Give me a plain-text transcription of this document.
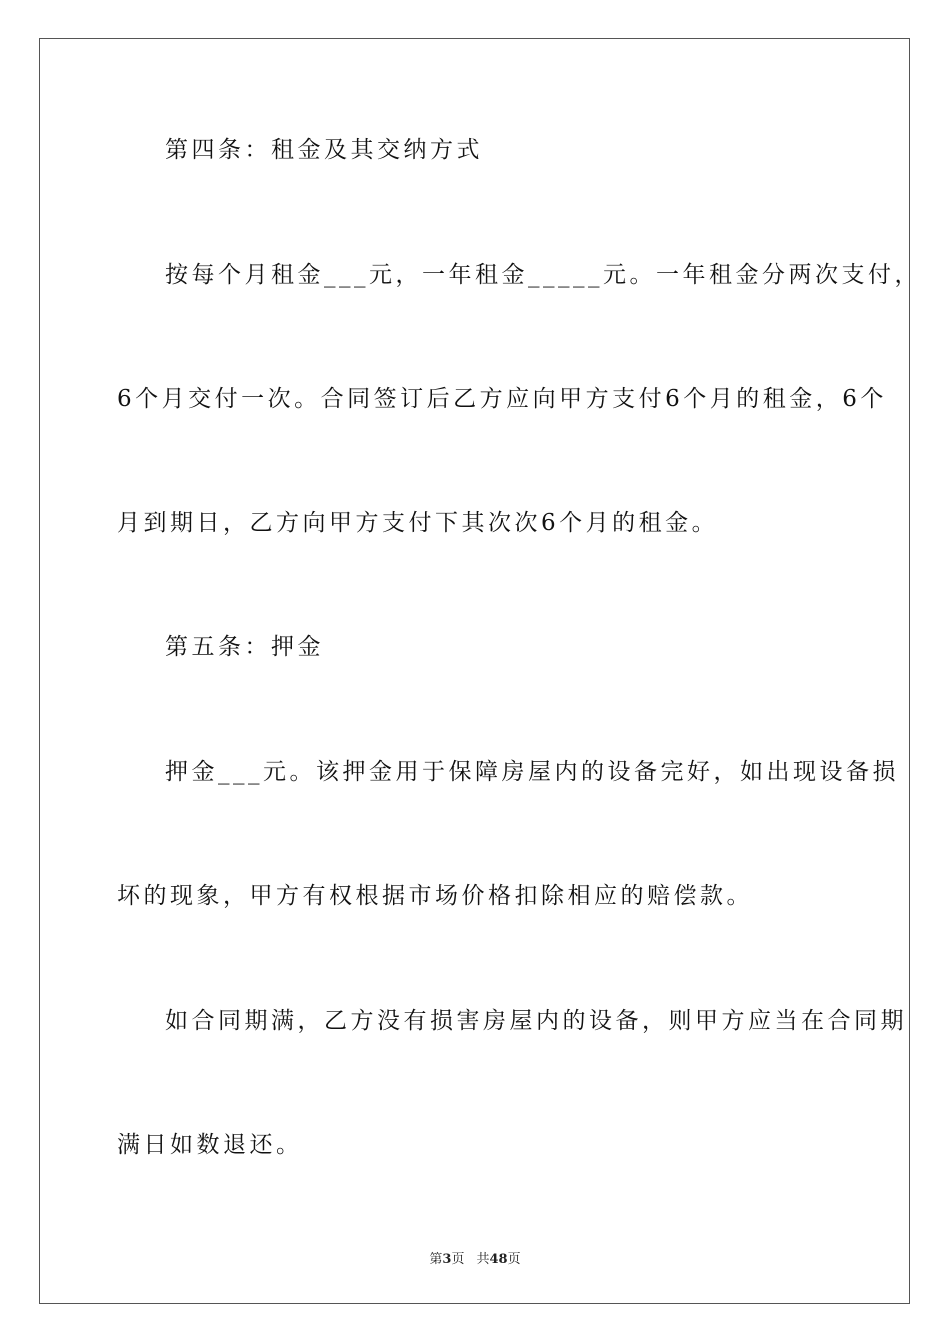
第四条：租金及其交纳方式
按每个月租金___元，一年租金_____元。一年租金分两次支付，
6个月交付一次。合同签订后乙方应向甲方支付6个月的租金，6个
月到期日，乙方向甲方支付下其次次6个月的租金。
第五条：押金
押金___元。该押金用于保障房屋内的设备完好，如出现设备损
坏的现象，甲方有权根据市场价格扣除相应的赔偿款。
如合同期满，乙方没有损害房屋内的设备，则甲方应当在合同期
满日如数退还。
第3页 共48页
